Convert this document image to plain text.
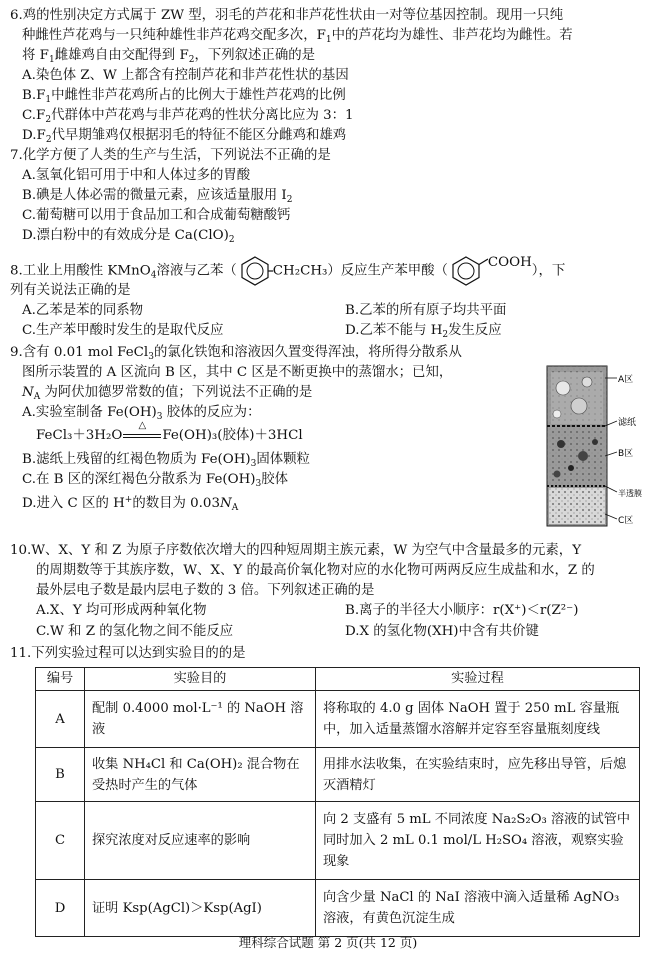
6.鸡的性别决定方式属于 ZW 型，羽毛的芦花和非芦花性状由一对等位基因控制。现用一只纯
种雌性芦花鸡与一只纯种雄性非芦花鸡交配多次，$F_1$中的芦花均为雄性、非芦花均为雌性。若
将 $F_1$雌雄鸡自由交配得到 $F_2$，下列叙述正确的是
A.染色体 Z、W 上都含有控制芦花和非芦花性状的基因
$B.F_1$中雌性非芦花鸡所占的比例大于雄性芦花鸡的比例
$C.F_2$代群体中芦花鸡与非芦花鸡的性状分离比应为 3：1
$D.F_2$代早期雏鸡仅根据羽毛的特征不能区分雌鸡和雄鸡
7.化学方便了人类的生产与生活，下列说法不正确的是
A.氢氧化铝可用于中和人体过多的胃酸
B.碘是人体必需的微量元素，应该适量服用 $I_2$
C.葡萄糖可以用于食品加工和合成葡萄糖酸钙
D.漂白粉中的有效成分是 $Ca(ClO)_2$
8.工业上用酸性 KMnO$_4$溶液与乙苯（	CH₂CH₃）反应生产苯甲酸（COOH），下
列有关说法正确的是
A.乙苯是苯的同系物	B.乙苯的所有原子均共平面
C.生产苯甲酸时发生的是取代反应	D.乙苯不能与 $H_2$发生反应
9.含有 0.01 mol FeCl$_3$的氯化铁饱和溶液因久置变得浑浊，将所得分散系从
图所示装置的 A 区流向 B 区，其中 C 区是不断更换中的蒸馏水；已知，
$N_A$ 为阿伏加德罗常数的值；下列说法不正确的是
A.实验室制备 $Fe(OH)_3$ 胶体的反应为：
FeCl₃＋3H₂O
△
Fe(OH)₃(胶体)＋3HCl
B.滤纸上残留的红褐色物质为 $Fe(OH)_3$固体颗粒
C.在 B 区的深红褐色分散系为 $Fe(OH)_3$胶体
D.进入 C 区的 H+的数目为 $0.03N_A$
A区
滤纸
B区
半透膜
C区
10.W、X、Y 和 Z 为原子序数依次增大的四种短周期主族元素，W 为空气中含量最多的元素，Y
的周期数等于其族序数，W、X、Y 的最高价氧化物对应的水化物可两两反应生成盐和水，Z 的
最外层电子数是最内层电子数的 3 倍。下列叙述正确的是
A.X、Y 均可形成两种氧化物	B.离子的半径大小顺序：r(X⁺)＜r(Z²⁻)
C.W 和 Z 的氢化物之间不能反应	D.X 的氢化物(XH)中含有共价键
11.下列实验过程可以达到实验目的的是
编号	实验目的	实验过程
A	配制 0.4000 mol·L⁻¹ 的 NaOH 溶液	将称取的 4.0 g 固体 NaOH 置于 250 mL 容量瓶中，加入适量蒸馏水溶解并定容至容量瓶刻度线
B	收集 NH₄Cl 和 Ca(OH)₂ 混合物在受热时产生的气体	用排水法收集，在实验结束时，应先移出导管，后熄灭酒精灯
C	探究浓度对反应速率的影响	向 2 支盛有 5 mL 不同浓度 Na₂S₂O₃ 溶液的试管中同时加入 2 mL 0.1 mol/L H₂SO₄ 溶液，观察实验现象
D	证明 Ksp(AgCl)＞Ksp(AgI)	向含少量 NaCl 的 NaI 溶液中滴入适量稀 AgNO₃ 溶液，有黄色沉淀生成
理科综合试题 第 2 页(共 12 页)
